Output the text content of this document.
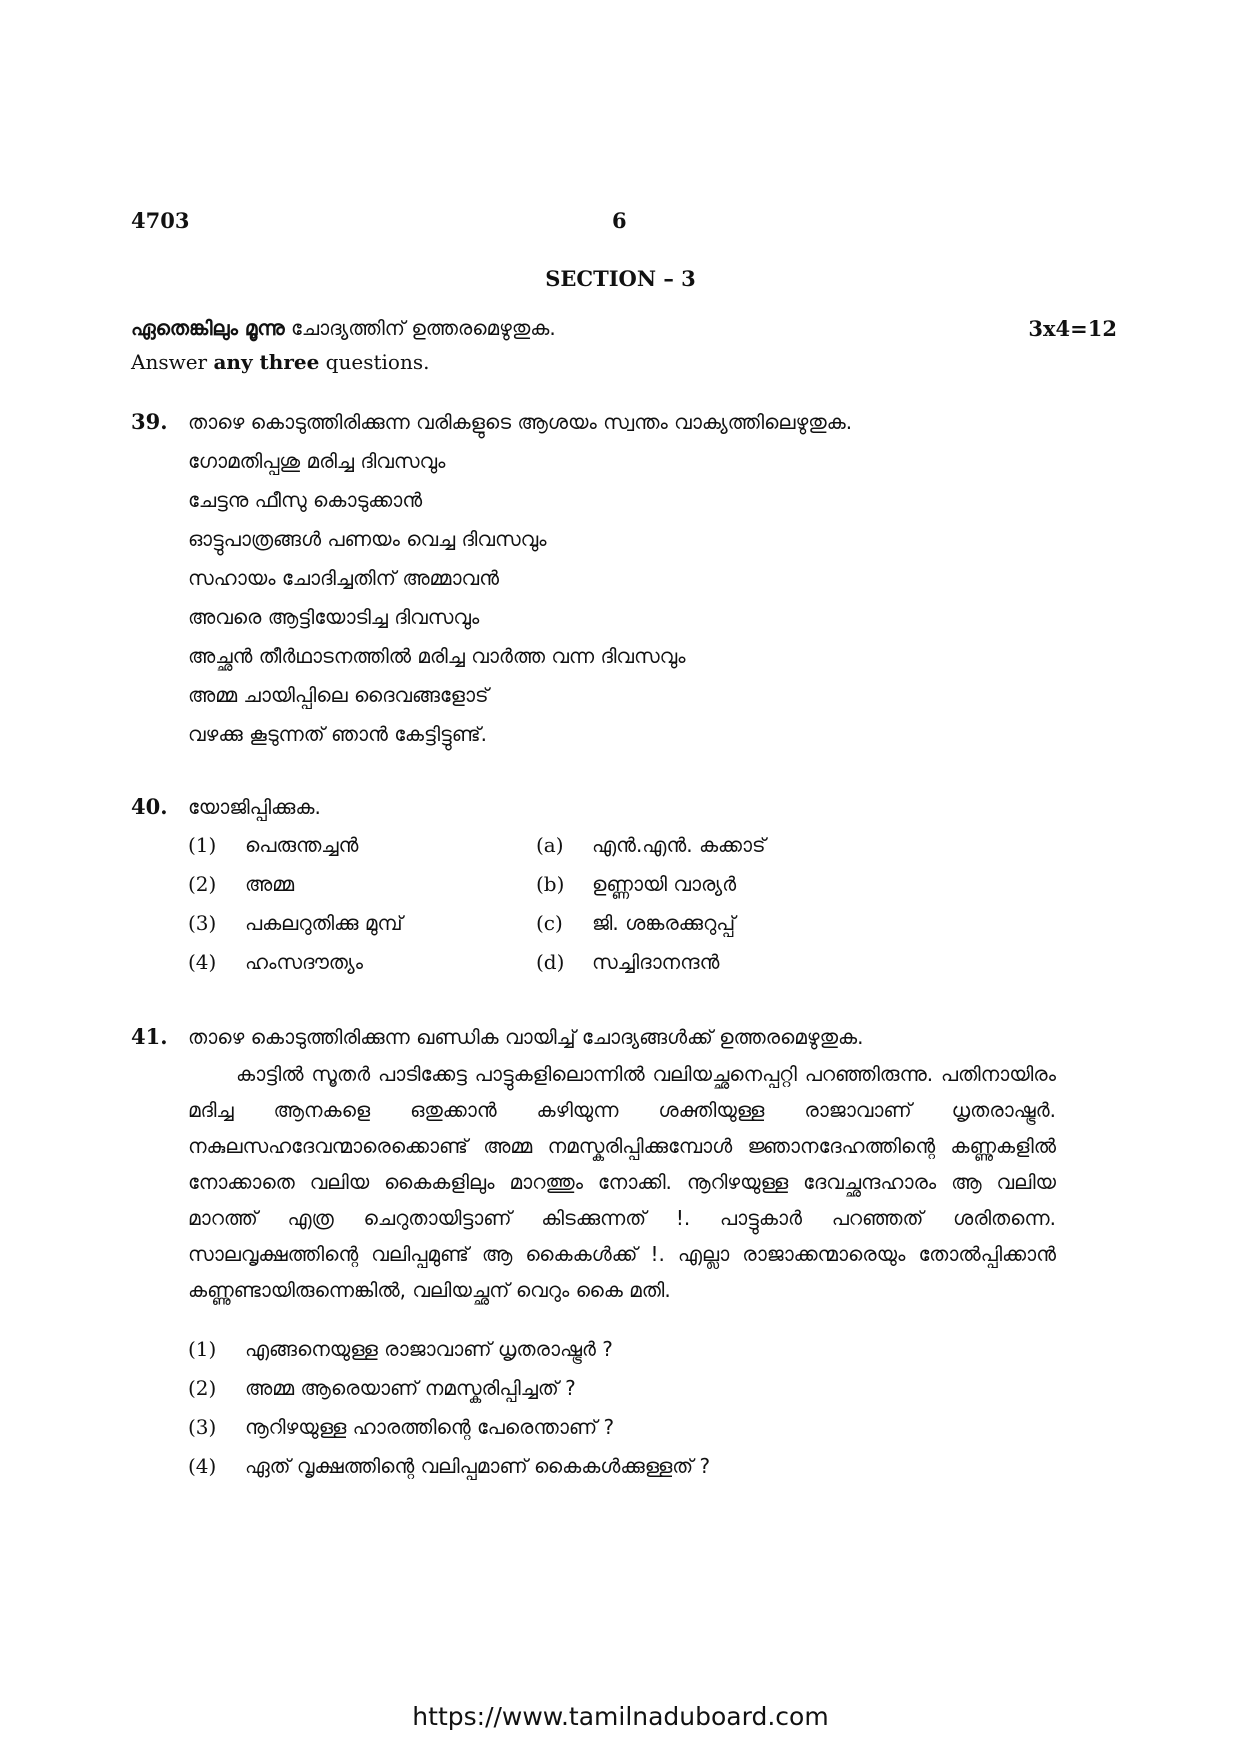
4703	6
SECTION – 3
ഏതെങ്കിലും മൂന്നു ചോദ്യത്തിന് ഉത്തരമെഴുതുക.	3x4=12
Answer any three questions.
39. താഴെ കൊടുത്തിരിക്കുന്ന വരികളുടെ ആശയം സ്വന്തം വാക്യത്തിലെഴുതുക.
ഗോമതിപ്പശു മരിച്ച ദിവസവും
ചേട്ടനു ഫീസു കൊടുക്കാൻ
ഓട്ടുപാത്രങ്ങൾ പണയം വെച്ച ദിവസവും
സഹായം ചോദിച്ചതിന് അമ്മാവൻ
അവരെ ആട്ടിയോടിച്ച ദിവസവും
അച്ഛൻ തീർഥാടനത്തിൽ മരിച്ച വാർത്ത വന്ന ദിവസവും
അമ്മ ചായിപ്പിലെ ദൈവങ്ങളോട്
വഴക്കു കൂടുന്നത് ഞാൻ കേട്ടിട്ടുണ്ട്.
40. യോജിപ്പിക്കുക.
(1) പെരുന്തച്ചൻ	(a) എൻ.എൻ. കക്കാട്
(2) അമ്മ	(b) ഉണ്ണായി വാര്യർ
(3) പകലറുതിക്കു മുമ്പ്	(c) ജി. ശങ്കരക്കുറുപ്പ്
(4) ഹംസദൗത്യം	(d) സച്ചിദാനന്ദൻ
41. താഴെ കൊടുത്തിരിക്കുന്ന ഖണ്ഡിക വായിച്ച് ചോദ്യങ്ങൾക്ക് ഉത്തരമെഴുതുക.

കാട്ടിൽ സൂതർ പാടിക്കേട്ട പാട്ടുകളിലൊന്നിൽ വലിയച്ഛനെപ്പറ്റി പറഞ്ഞിരുന്നു. പതിനായിരം മദിച്ച ആനകളെ ഒതുക്കാൻ കഴിയുന്ന ശക്തിയുള്ള രാജാവാണ് ധൃതരാഷ്ട്രർ. നകുലസഹദേവന്മാരെക്കൊണ്ട് അമ്മ നമസ്കരിപ്പിക്കുമ്പോൾ ജ്ഞാനദേഹത്തിന്റെ കണ്ണുകളിൽ നോക്കാതെ വലിയ കൈകളിലും മാറത്തും നോക്കി. നൂറിഴയുള്ള ദേവച്ഛന്ദഹാരം ആ വലിയ മാറത്ത് എത്ര ചെറുതായിട്ടാണ് കിടക്കുന്നത് !. പാട്ടുകാർ പറഞ്ഞത് ശരിതന്നെ. സാലവൃക്ഷത്തിന്റെ വലിപ്പമുണ്ട് ആ കൈകൾക്ക് !. എല്ലാ രാജാക്കന്മാരെയും തോൽപ്പിക്കാൻ കണ്ണുണ്ടായിരുന്നെങ്കിൽ, വലിയച്ഛന് വെറും കൈ മതി.

(1) എങ്ങനെയുള്ള രാജാവാണ് ധൃതരാഷ്ട്രർ ?
(2) അമ്മ ആരെയാണ് നമസ്കരിപ്പിച്ചത് ?
(3) നൂറിഴയുള്ള ഹാരത്തിന്റെ പേരെന്താണ് ?
(4) ഏത് വൃക്ഷത്തിന്റെ വലിപ്പമാണ് കൈകൾക്കുള്ളത് ?
https://www.tamilnaduboard.com
